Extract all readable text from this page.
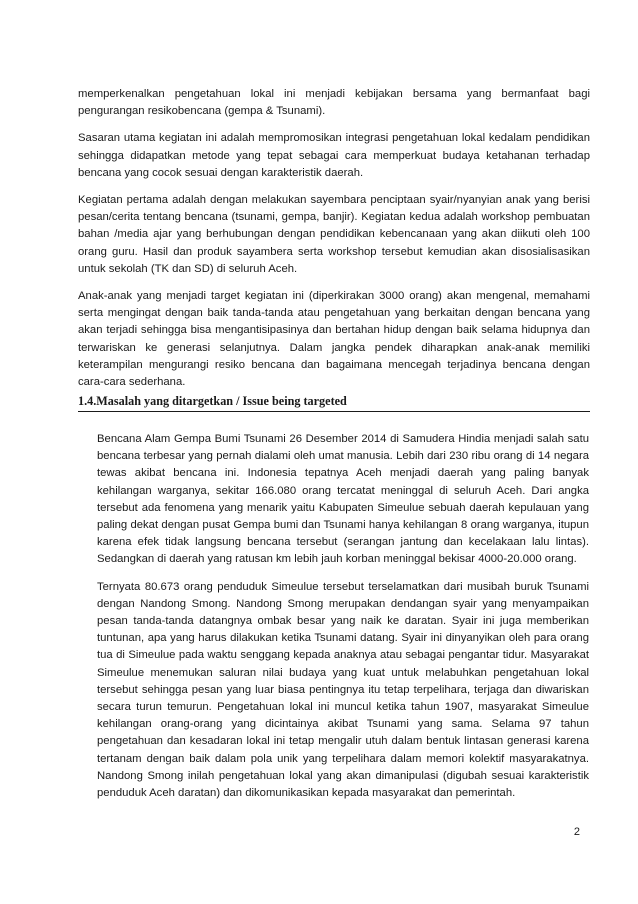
memperkenalkan pengetahuan lokal ini menjadi kebijakan bersama yang bermanfaat bagi pengurangan resikobencana (gempa & Tsunami).

Sasaran utama kegiatan ini adalah mempromosikan integrasi pengetahuan lokal kedalam pendidikan sehingga didapatkan metode yang tepat sebagai cara memperkuat budaya ketahanan terhadap bencana yang cocok sesuai dengan karakteristik daerah.

Kegiatan pertama adalah dengan melakukan sayembara penciptaan syair/nyanyian anak yang berisi pesan/cerita tentang bencana (tsunami, gempa, banjir). Kegiatan kedua adalah workshop pembuatan bahan /media ajar yang berhubungan dengan pendidikan kebencanaan yang akan diikuti oleh 100 orang guru. Hasil dan produk sayambera serta workshop tersebut kemudian akan disosialisasikan untuk sekolah (TK dan SD) di seluruh Aceh.

Anak-anak yang menjadi target kegiatan ini (diperkirakan 3000 orang) akan mengenal, memahami serta mengingat dengan baik tanda-tanda atau pengetahuan yang berkaitan dengan bencana yang akan terjadi sehingga bisa mengantisipasinya dan bertahan hidup dengan baik selama hidupnya dan terwariskan ke generasi selanjutnya. Dalam jangka pendek diharapkan anak-anak memiliki keterampilan mengurangi resiko bencana dan bagaimana mencegah terjadinya bencana dengan cara-cara sederhana.

1.4.Masalah yang ditargetkan / Issue being targeted

Bencana Alam Gempa Bumi Tsunami 26 Desember 2014 di Samudera Hindia menjadi salah satu bencana terbesar yang pernah dialami oleh umat manusia. Lebih dari 230 ribu orang di 14 negara tewas akibat bencana ini. Indonesia tepatnya Aceh menjadi daerah yang paling banyak kehilangan warganya, sekitar 166.080 orang tercatat meninggal di seluruh Aceh. Dari angka tersebut ada fenomena yang menarik yaitu Kabupaten Simeulue sebuah daerah kepulauan yang paling dekat dengan pusat Gempa bumi dan Tsunami hanya kehilangan 8 orang warganya, itupun karena efek tidak langsung bencana tersebut (serangan jantung dan kecelakaan lalu lintas). Sedangkan di daerah yang ratusan km lebih jauh korban meninggal bekisar 4000-20.000 orang.

Ternyata 80.673 orang penduduk Simeulue tersebut terselamatkan dari musibah buruk Tsunami dengan Nandong Smong. Nandong Smong merupakan dendangan syair yang menyampaikan pesan tanda-tanda datangnya ombak besar yang naik ke daratan. Syair ini juga memberikan tuntunan, apa yang harus dilakukan ketika Tsunami datang. Syair ini dinyanyikan oleh para orang tua di Simeulue pada waktu senggang kepada anaknya atau sebagai pengantar tidur. Masyarakat Simeulue menemukan saluran nilai budaya yang kuat untuk melabuhkan pengetahuan lokal tersebut sehingga pesan yang luar biasa pentingnya itu tetap terpelihara, terjaga dan diwariskan secara turun temurun. Pengetahuan lokal ini muncul ketika tahun 1907, masyarakat Simeulue kehilangan orang-orang yang dicintainya akibat Tsunami yang sama. Selama 97 tahun pengetahuan dan kesadaran lokal ini tetap mengalir utuh dalam bentuk lintasan generasi karena tertanam dengan baik dalam pola unik yang terpelihara dalam memori kolektif masyarakatnya. Nandong Smong inilah pengetahuan lokal yang akan dimanipulasi (digubah sesuai karakteristik penduduk Aceh daratan) dan dikomunikasikan kepada masyarakat dan pemerintah.

2
